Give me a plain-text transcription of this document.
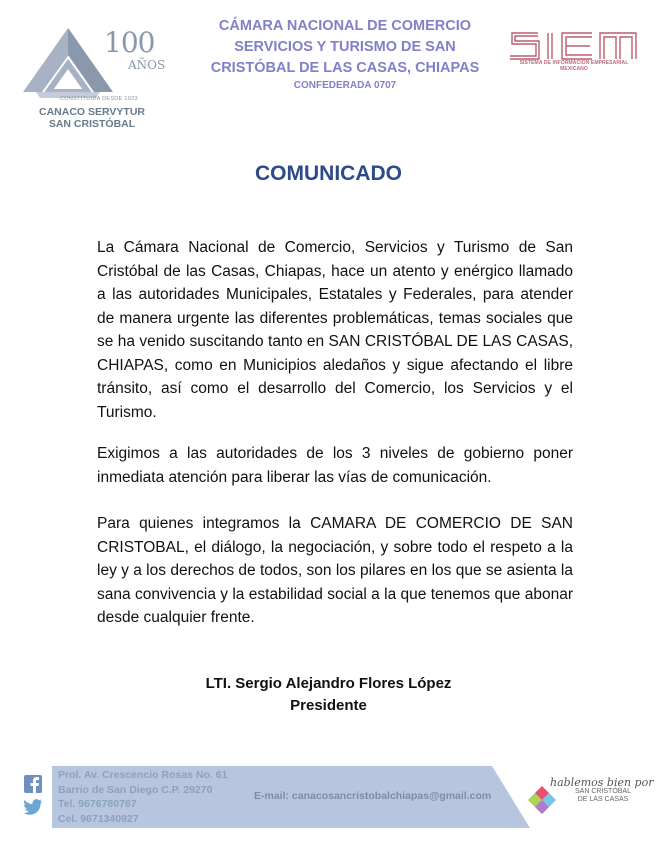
100
AÑOS
CONSTITUIDA DESDE 1923
CANACO SERVYTUR
SAN CRISTÓBAL
CÁMARA NACIONAL DE COMERCIO
SERVICIOS Y TURISMO DE SAN
CRISTÓBAL DE LAS CASAS, CHIAPAS
CONFEDERADA 0707
SISTEMA DE INFORMACION EMPRESARIAL MEXICANO
COMUNICADO
La Cámara Nacional de Comercio, Servicios y Turismo de San Cristóbal de las Casas, Chiapas, hace un atento y enérgico llamado a las autoridades Municipales, Estatales y Federales, para atender de manera urgente las diferentes problemáticas, temas sociales que se ha venido suscitando tanto en SAN CRISTÓBAL DE LAS CASAS, CHIAPAS, como en Municipios aledaños y sigue afectando el libre tránsito, así como el desarrollo del Comercio, los Servicios y el Turismo.
Exigimos a las autoridades de los 3 niveles de gobierno poner inmediata atención para liberar las vías de comunicación.
Para quienes integramos la CAMARA DE COMERCIO DE SAN CRISTOBAL, el diálogo, la negociación, y sobre todo el respeto a la ley y a los derechos de todos, son los pilares en los que se asienta la sana convivencia y la estabilidad social a la que tenemos que abonar desde cualquier frente.
LTI. Sergio Alejandro Flores López
Presidente
Prol. Av. Crescencio Rosas No. 61
Barrio de San Diego C.P. 29270
Tel. 9676780767
Cel. 9671340927
E-mail: canacosancristobalchiapas@gmail.com
hablemos bien por
SAN CRISTÓBAL
DE LAS CASAS
